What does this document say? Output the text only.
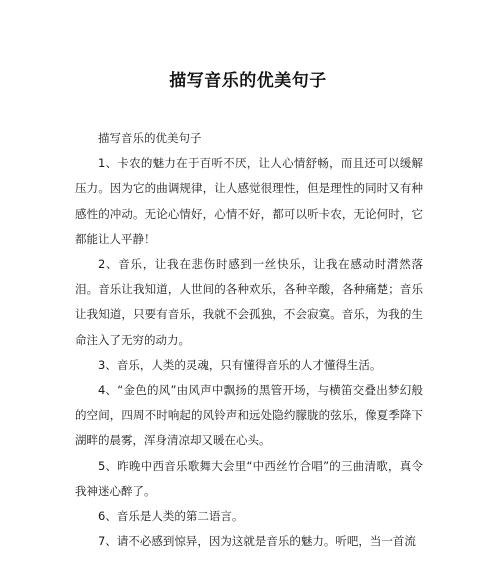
描写音乐的优美句子

描写音乐的优美句子

1、卡农的魅力在于百听不厌，让人心情舒畅，而且还可以缓解压力。因为它的曲调规律，让人感觉很理性，但是理性的同时又有种感性的冲动。无论心情好，心情不好，都可以听卡农，无论何时，它都能让人平静！

2、音乐，让我在悲伤时感到一丝快乐，让我在感动时潸然落泪。音乐让我知道，人世间的各种欢乐，各种辛酸，各种痛楚；音乐让我知道，只要有音乐，我就不会孤独，不会寂寞。音乐，为我的生命注入了无穷的动力。

3、音乐，人类的灵魂，只有懂得音乐的人才懂得生活。

4、“金色的风”由风声中飘扬的黑管开场，与横笛交叠出梦幻般的空间，四周不时响起的风铃声和远处隐约朦胧的弦乐，像夏季降下湖畔的晨雾，浑身清凉却又暖在心头。

5、昨晚中西音乐歌舞大会里“中西丝竹合唱”的三曲清歌，真令我神迷心醉了。

6、音乐是人类的第二语言。

7、请不必感到惊异，因为这就是音乐的魅力。听吧，当一首流
